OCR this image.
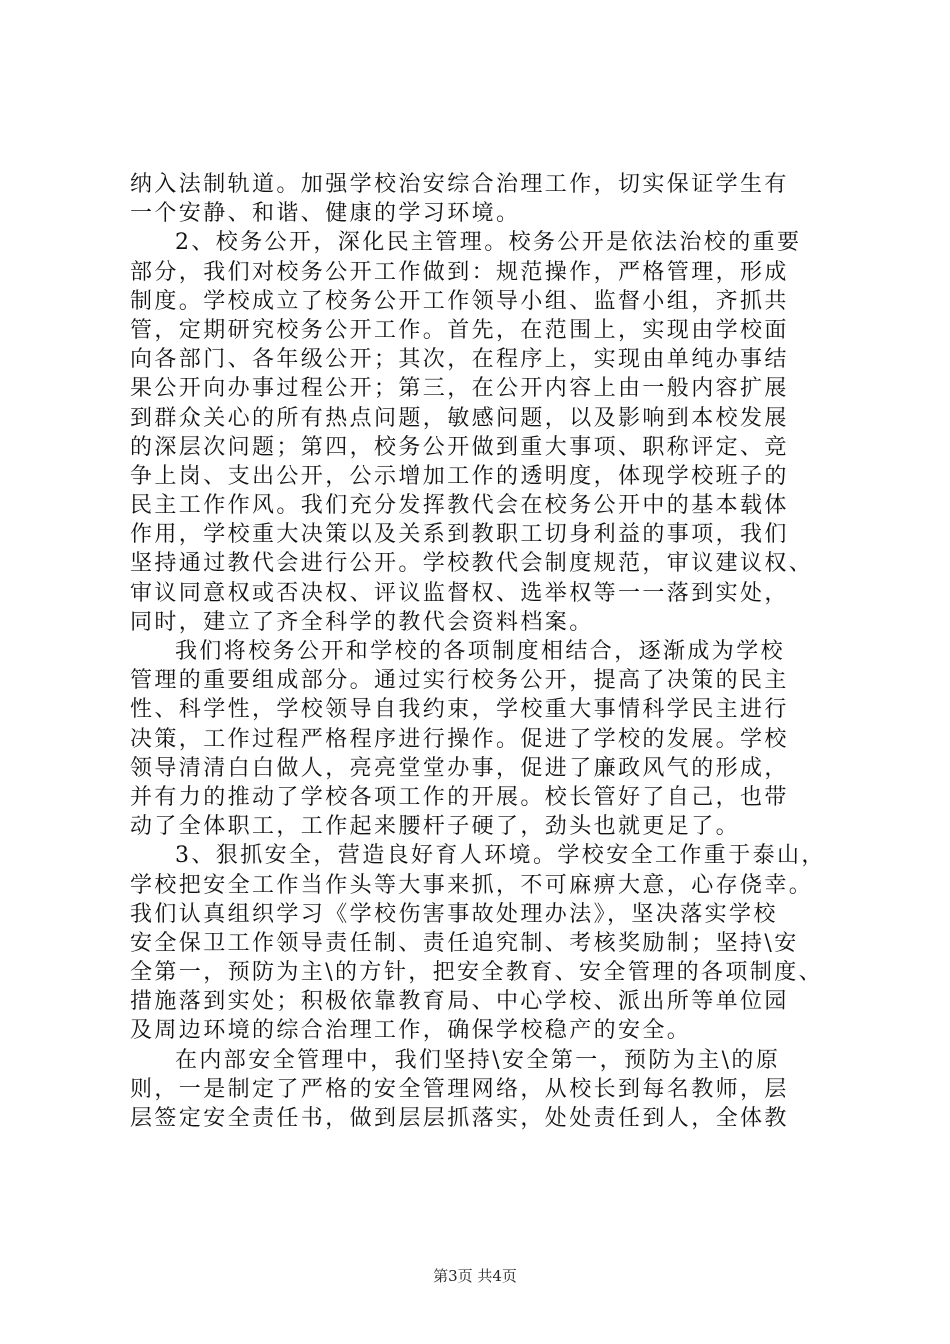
纳入法制轨道。加强学校治安综合治理工作，切实保证学生有
一个安静、和谐、健康的学习环境。
2、校务公开，深化民主管理。校务公开是依法治校的重要
部分，我们对校务公开工作做到：规范操作，严格管理，形成
制度。学校成立了校务公开工作领导小组、监督小组，齐抓共
管，定期研究校务公开工作。首先，在范围上，实现由学校面
向各部门、各年级公开；其次，在程序上，实现由单纯办事结
果公开向办事过程公开；第三，在公开内容上由一般内容扩展
到群众关心的所有热点问题，敏感问题，以及影响到本校发展
的深层次问题；第四，校务公开做到重大事项、职称评定、竞
争上岗、支出公开，公示增加工作的透明度，体现学校班子的
民主工作作风。我们充分发挥教代会在校务公开中的基本载体
作用，学校重大决策以及关系到教职工切身利益的事项，我们
坚持通过教代会进行公开。学校教代会制度规范，审议建议权、
审议同意权或否决权、评议监督权、选举权等一一落到实处，
同时，建立了齐全科学的教代会资料档案。
我们将校务公开和学校的各项制度相结合，逐渐成为学校
管理的重要组成部分。通过实行校务公开，提高了决策的民主
性、科学性，学校领导自我约束，学校重大事情科学民主进行
决策，工作过程严格程序进行操作。促进了学校的发展。学校
领导清清白白做人，亮亮堂堂办事，促进了廉政风气的形成，
并有力的推动了学校各项工作的开展。校长管好了自己，也带
动了全体职工，工作起来腰杆子硬了，劲头也就更足了。
3、狠抓安全，营造良好育人环境。学校安全工作重于泰山，
学校把安全工作当作头等大事来抓，不可麻痹大意，心存侥幸。
我们认真组织学习《学校伤害事故处理办法》，坚决落实学校
安全保卫工作领导责任制、责任追究制、考核奖励制；坚持\安
全第一，预防为主\的方针，把安全教育、安全管理的各项制度、
措施落到实处；积极依靠教育局、中心学校、派出所等单位园
及周边环境的综合治理工作，确保学校稳产的安全。
在内部安全管理中，我们坚持\安全第一，预防为主\的原
则，一是制定了严格的安全管理网络，从校长到每名教师，层
层签定安全责任书，做到层层抓落实，处处责任到人，全体教
第3页 共4页
